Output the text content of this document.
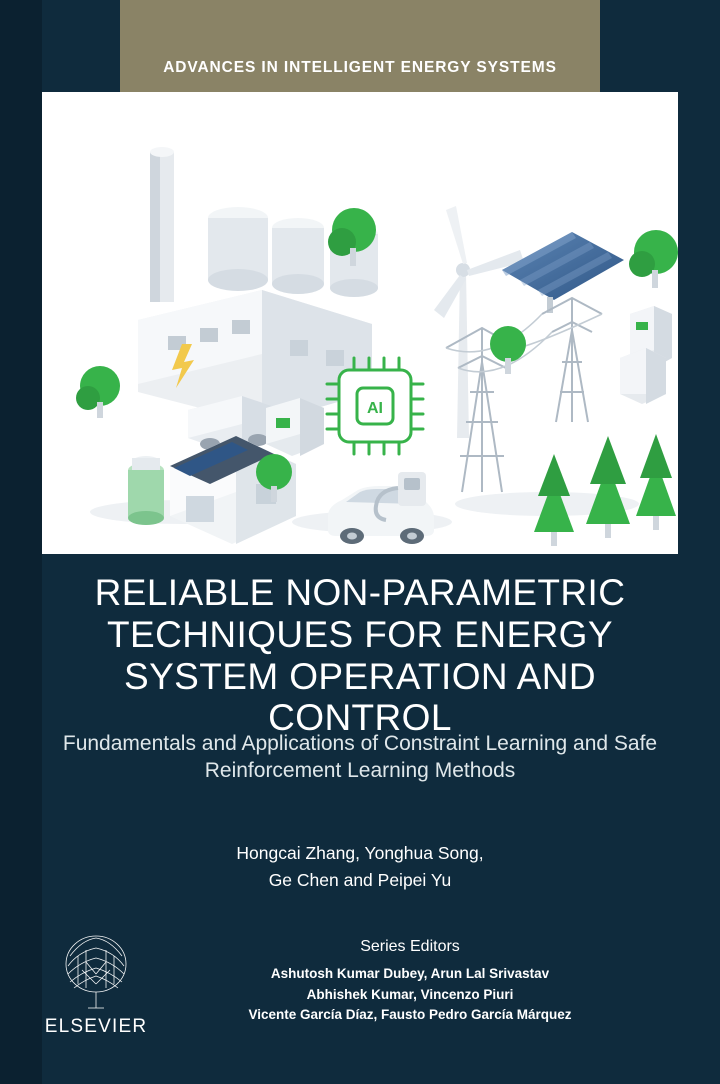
ADVANCES IN INTELLIGENT ENERGY SYSTEMS
AI
RELIABLE NON-PARAMETRIC TECHNIQUES FOR ENERGY SYSTEM OPERATION AND CONTROL
Fundamentals and Applications of Constraint Learning and Safe Reinforcement Learning Methods
Hongcai Zhang, Yonghua Song,
Ge Chen and Peipei Yu
Series Editors
Ashutosh Kumar Dubey, Arun Lal Srivastav
Abhishek Kumar, Vincenzo Piuri
Vicente García Díaz, Fausto Pedro García Márquez
ELSEVIER
